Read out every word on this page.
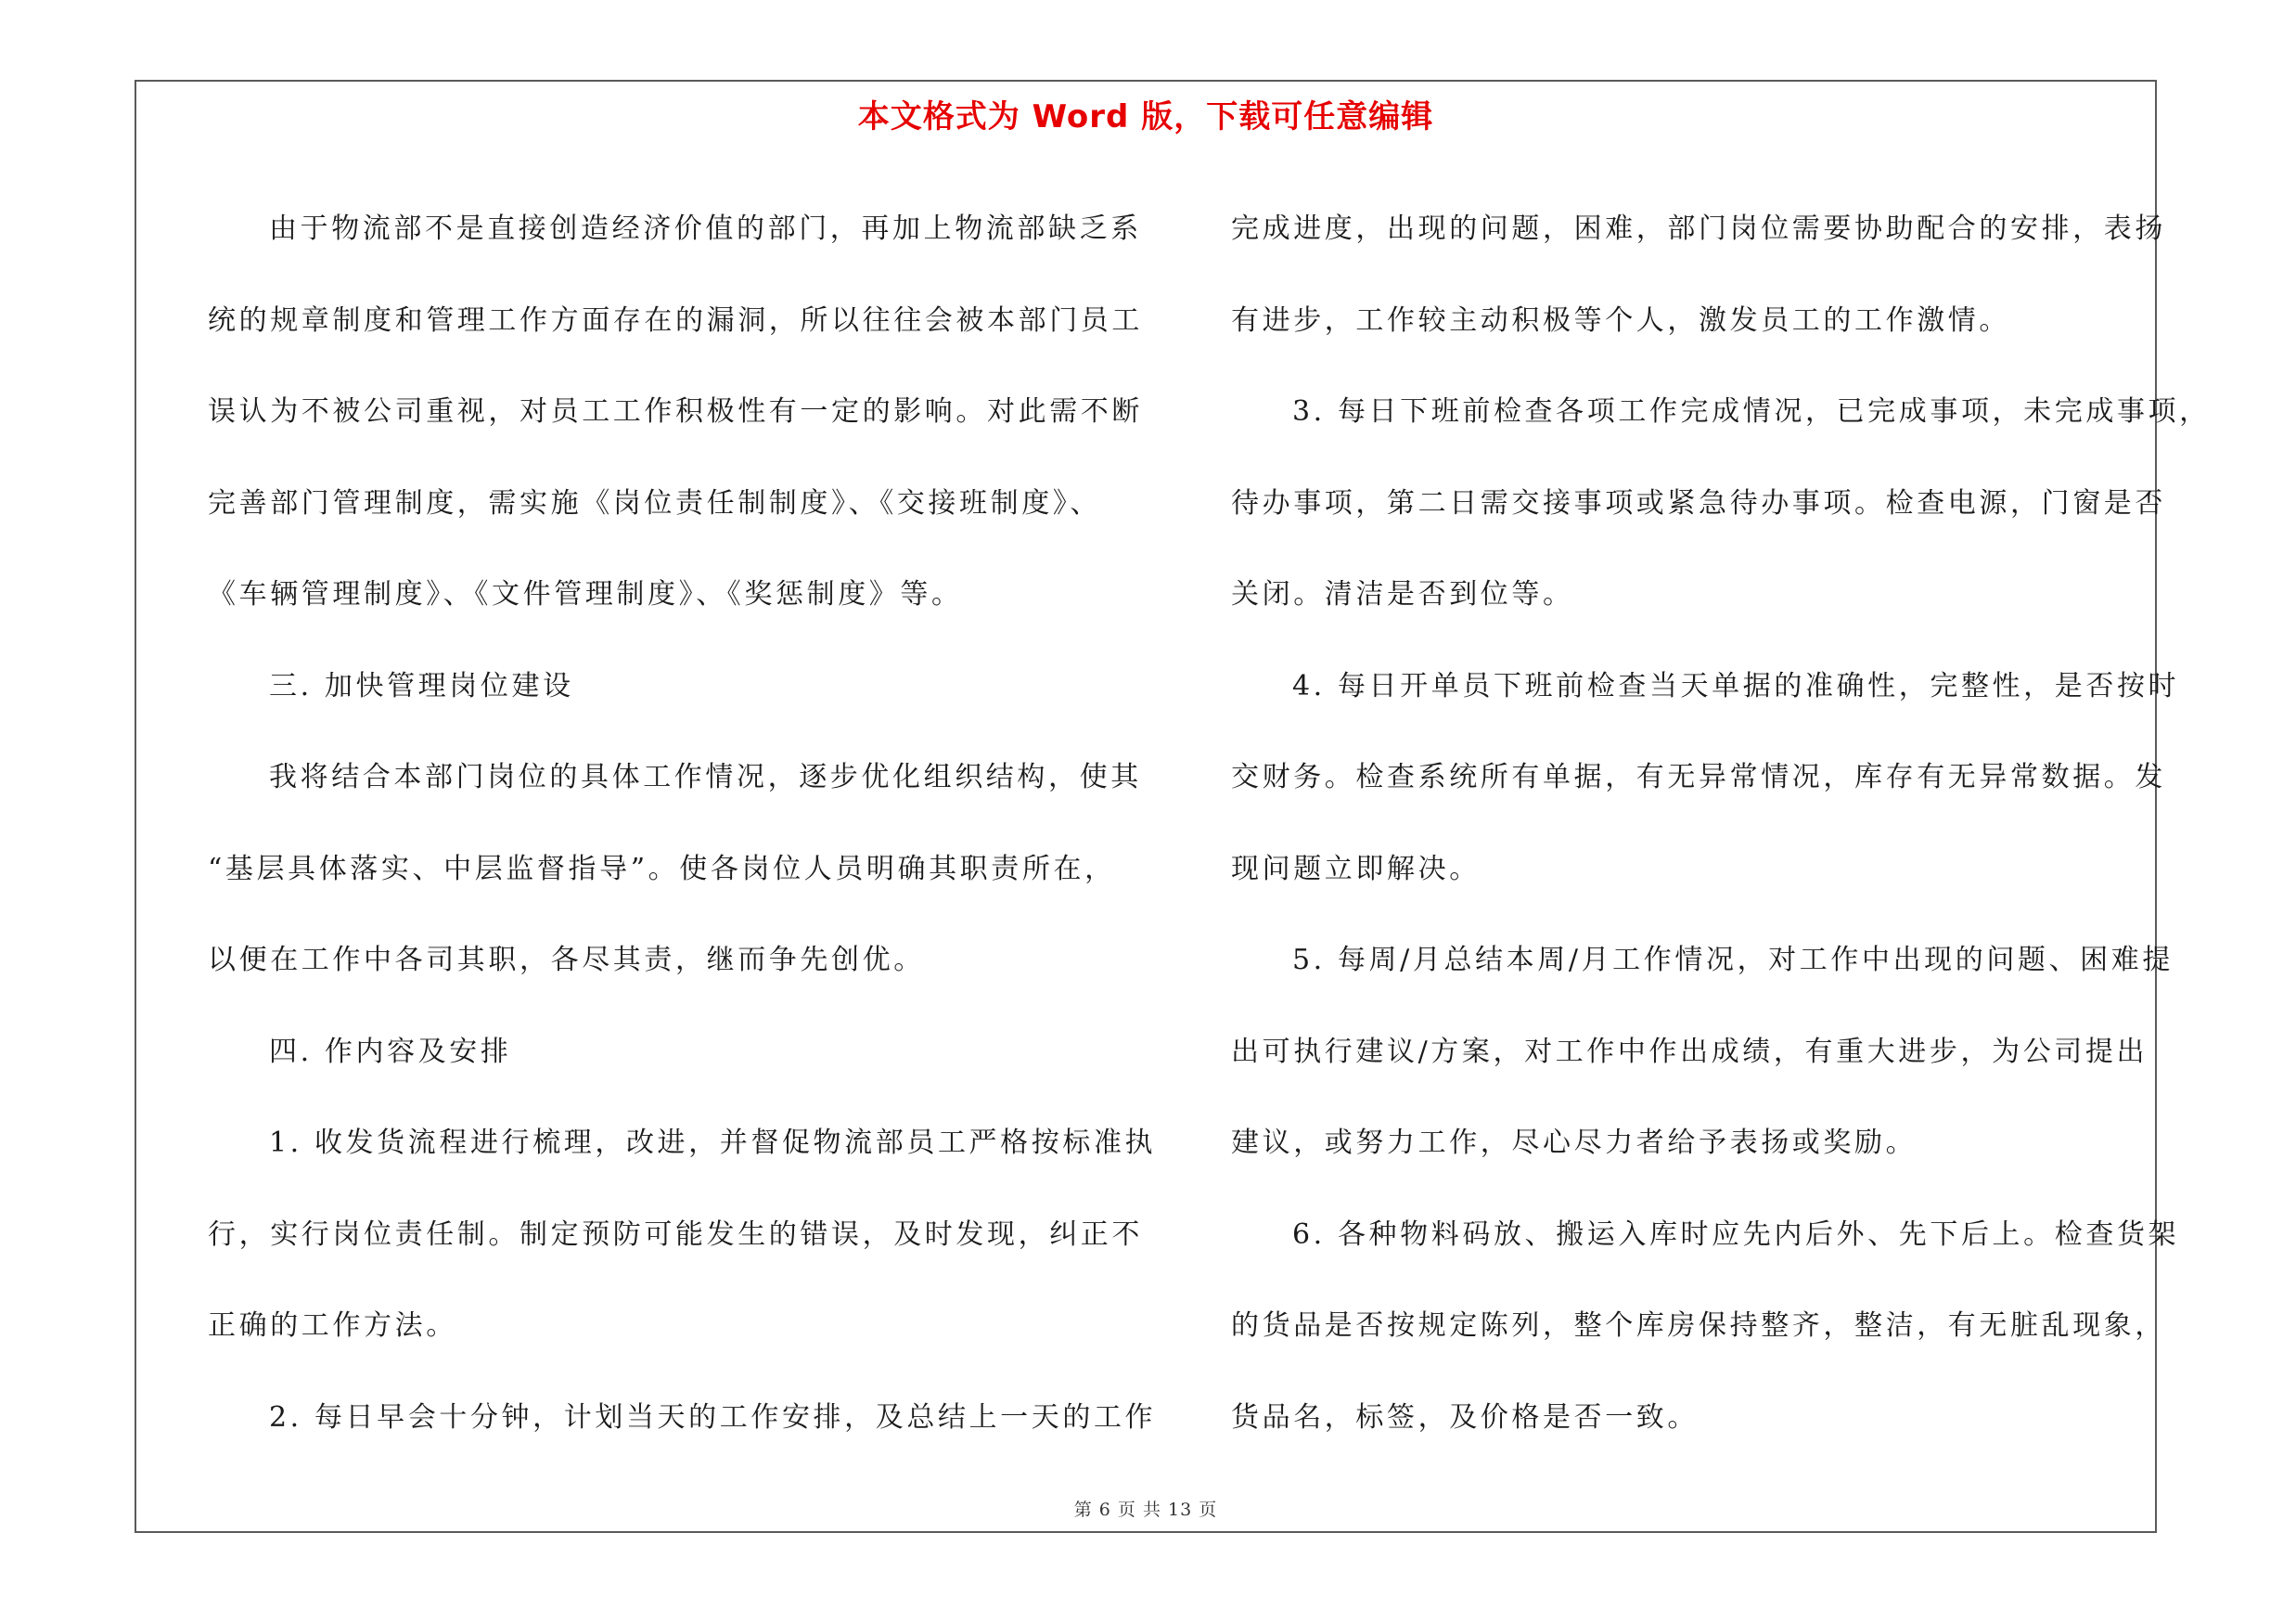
本文格式为 Word 版，下载可任意编辑
由于物流部不是直接创造经济价值的部门，再加上物流部缺乏系
统的规章制度和管理工作方面存在的漏洞，所以往往会被本部门员工
误认为不被公司重视，对员工工作积极性有一定的影响。对此需不断
完善部门管理制度，需实施《岗位责任制制度》、《交接班制度》、
《车辆管理制度》、《文件管理制度》、《奖惩制度》等。
三. 加快管理岗位建设
我将结合本部门岗位的具体工作情况，逐步优化组织结构，使其
“基层具体落实、中层监督指导”。使各岗位人员明确其职责所在，
以便在工作中各司其职，各尽其责，继而争先创优。
四. 作内容及安排
1. 收发货流程进行梳理，改进，并督促物流部员工严格按标准执
行，实行岗位责任制。制定预防可能发生的错误，及时发现，纠正不
正确的工作方法。
2. 每日早会十分钟，计划当天的工作安排，及总结上一天的工作
完成进度，出现的问题，困难，部门岗位需要协助配合的安排，表扬
有进步，工作较主动积极等个人，激发员工的工作激情。
3. 每日下班前检查各项工作完成情况，已完成事项，未完成事项，
待办事项，第二日需交接事项或紧急待办事项。检查电源，门窗是否
关闭。清洁是否到位等。
4. 每日开单员下班前检查当天单据的准确性，完整性，是否按时
交财务。检查系统所有单据，有无异常情况，库存有无异常数据。发
现问题立即解决。
5. 每周/月总结本周/月工作情况，对工作中出现的问题、困难提
出可执行建议/方案，对工作中作出成绩，有重大进步，为公司提出
建议，或努力工作，尽心尽力者给予表扬或奖励。
6. 各种物料码放、搬运入库时应先内后外、先下后上。检查货架
的货品是否按规定陈列，整个库房保持整齐，整洁，有无脏乱现象，
货品名，标签，及价格是否一致。
第 6 页 共 13 页
